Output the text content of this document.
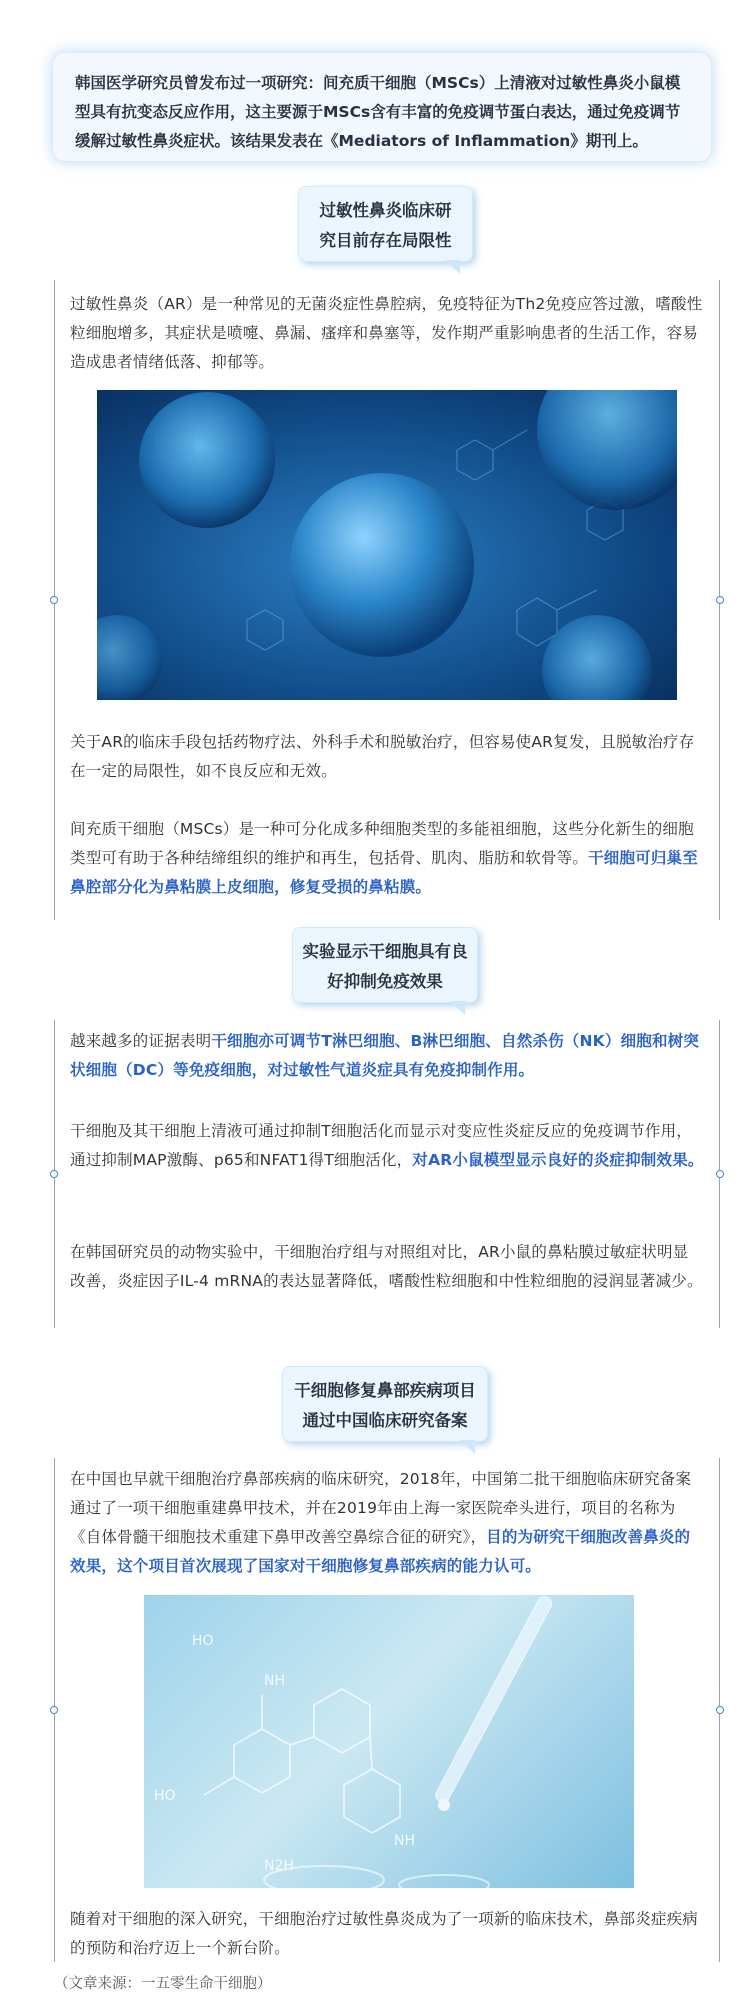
韩国医学研究员曾发布过一项研究：间充质干细胞（MSCs）上清液对过敏性鼻炎小鼠模型具有抗变态反应作用，这主要源于MSCs含有丰富的免疫调节蛋白表达，通过免疫调节缓解过敏性鼻炎症状。该结果发表在《Mediators of Inflammation》期刊上。
过敏性鼻炎临床研
究目前存在局限性

过敏性鼻炎（AR）是一种常见的无菌炎症性鼻腔病，免疫特征为Th2免疫应答过激，嗜酸性粒细胞增多，其症状是喷嚏、鼻漏、瘙痒和鼻塞等，发作期严重影响患者的生活工作，容易造成患者情绪低落、抑郁等。

关于AR的临床手段包括药物疗法、外科手术和脱敏治疗，但容易使AR复发，且脱敏治疗存在一定的局限性，如不良反应和无效。

间充质干细胞（MSCs）是一种可分化成多种细胞类型的多能祖细胞，这些分化新生的细胞类型可有助于各种结缔组织的维护和再生，包括骨、肌肉、脂肪和软骨等。干细胞可归巢至鼻腔部分化为鼻粘膜上皮细胞，修复受损的鼻粘膜。

实验显示干细胞具有良
好抑制免疫效果

越来越多的证据表明干细胞亦可调节T淋巴细胞、B淋巴细胞、自然杀伤（NK）细胞和树突状细胞（DC）等免疫细胞，对过敏性气道炎症具有免疫抑制作用。

干细胞及其干细胞上清液可通过抑制T细胞活化而显示对变应性炎症反应的免疫调节作用，通过抑制MAP激酶、p65和NFAT1得T细胞活化，对AR小鼠模型显示良好的炎症抑制效果。

在韩国研究员的动物实验中，干细胞治疗组与对照组对比，AR小鼠的鼻粘膜过敏症状明显改善，炎症因子IL-4 mRNA的表达显著降低，嗜酸性粒细胞和中性粒细胞的浸润显著减少。

干细胞修复鼻部疾病项目
通过中国临床研究备案

在中国也早就干细胞治疗鼻部疾病的临床研究，2018年，中国第二批干细胞临床研究备案通过了一项干细胞重建鼻甲技术，并在2019年由上海一家医院牵头进行，项目的名称为《自体骨髓干细胞技术重建下鼻甲改善空鼻综合征的研究》，目的为研究干细胞改善鼻炎的效果，这个项目首次展现了国家对干细胞修复鼻部疾病的能力认可。

HO
HO
NH
NH
N2H

随着对干细胞的深入研究，干细胞治疗过敏性鼻炎成为了一项新的临床技术，鼻部炎症疾病的预防和治疗迈上一个新台阶。

（文章来源：一五零生命干细胞）
